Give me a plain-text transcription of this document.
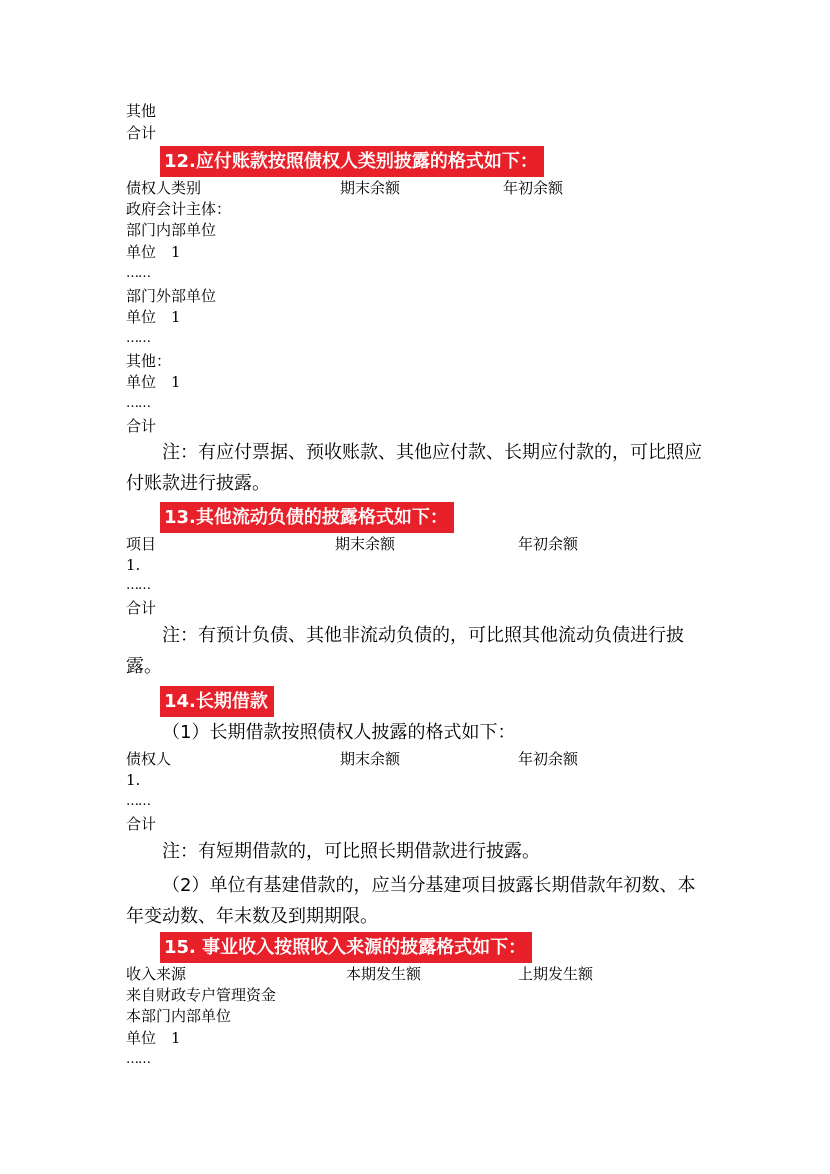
其他
合计
12.应付账款按照债权人类别披露的格式如下：
债权人类别	期末余额	年初余额
政府会计主体：
部门内部单位
单位　1
……
部门外部单位
单位　1
……
其他：
单位　1
……
合计
注：有应付票据、预收账款、其他应付款、长期应付款的，可比照应付账款进行披露。
13.其他流动负债的披露格式如下：
项目	期末余额	年初余额
1.
……
合计
注：有预计负债、其他非流动负债的，可比照其他流动负债进行披露。
14.长期借款
（1）长期借款按照债权人披露的格式如下：
债权人	期末余额	年初余额
1.
……
合计
注：有短期借款的，可比照长期借款进行披露。
（2）单位有基建借款的，应当分基建项目披露长期借款年初数、本年变动数、年末数及到期期限。
15. 事业收入按照收入来源的披露格式如下：
收入来源	本期发生额	上期发生额
来自财政专户管理资金
本部门内部单位
单位　1
……
